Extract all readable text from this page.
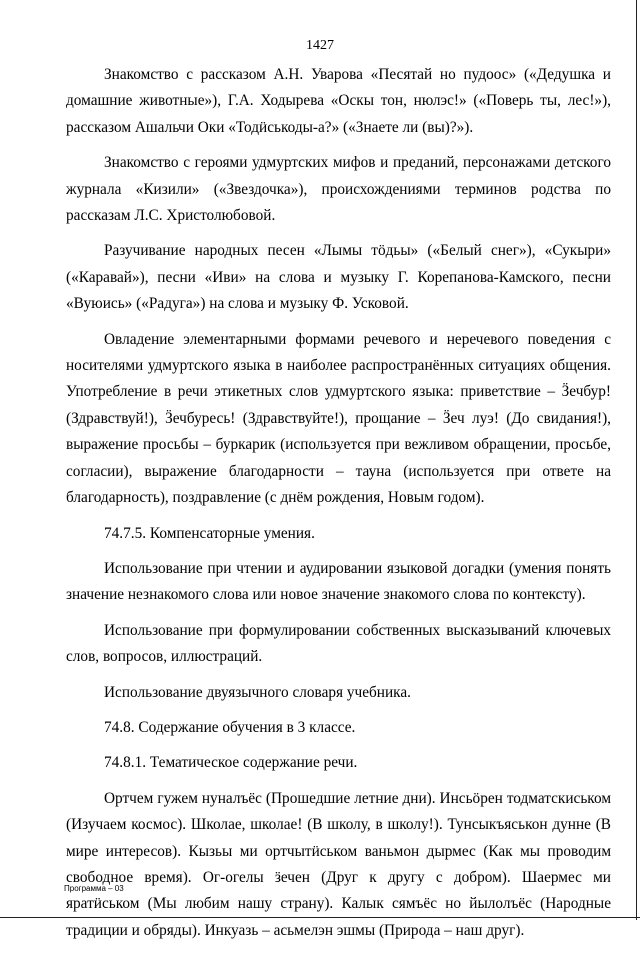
1427

Знакомство с рассказом А.Н. Уварова «Песятай но пудоос» («Дедушка и домашние животные»), Г.А. Ходырева «Оскы тон, нюлэс!» («Поверь ты, лес!»), рассказом Ашальчи Оки «Тодӥськоды-а?» («Знаете ли (вы)?»).

Знакомство с героями удмуртских мифов и преданий, персонажами детского журнала «Кизили» («Звездочка»), происхождениями терминов родства по рассказам Л.С. Христолюбовой.

Разучивание народных песен «Лымы тӧдьы» («Белый снег»), «Сукыри» («Каравай»), песни «Иви» на слова и музыку Г. Корепанова-Камского, песни «Вуюись» («Радуга») на слова и музыку Ф. Усковой.

Овладение элементарными формами речевого и неречевого поведения с носителями удмуртского языка в наиболее распространённых ситуациях общения. Употребление в речи этикетных слов удмуртского языка: приветствие – Ӟечбур! (Здравствуй!), Ӟечбуресь! (Здравствуйте!), прощание – Ӟеч луэ! (До свидания!), выражение просьбы – буркарик (используется при вежливом обращении, просьбе, согласии), выражение благодарности – тауна (используется при ответе на благодарность), поздравление (с днём рождения, Новым годом).

74.7.5. Компенсаторные умения.

Использование при чтении и аудировании языковой догадки (умения понять значение незнакомого слова или новое значение знакомого слова по контексту).

Использование при формулировании собственных высказываний ключевых слов, вопросов, иллюстраций.

Использование двуязычного словаря учебника.

74.8. Содержание обучения в 3 классе.

74.8.1. Тематическое содержание речи.

Ортчем гужем нуналъёс (Прошедшие летние дни). Инсьӧрен тодматскиськом (Изучаем космос). Школае, школае! (В школу, в школу!). Тунсыкъяськон дунне (В мире интересов). Кызьы ми ортчытӥськом ваньмон дырмес (Как мы проводим свободное время). Ог-огелы ӟечен (Друг к другу с добром). Шаермес ми яратӥськом (Мы любим нашу страну). Калык сямъёс но йылолъёс (Народные традиции и обряды). Инкуазь – асьмелэн эшмы (Природа – наш друг).

Программа – 03
